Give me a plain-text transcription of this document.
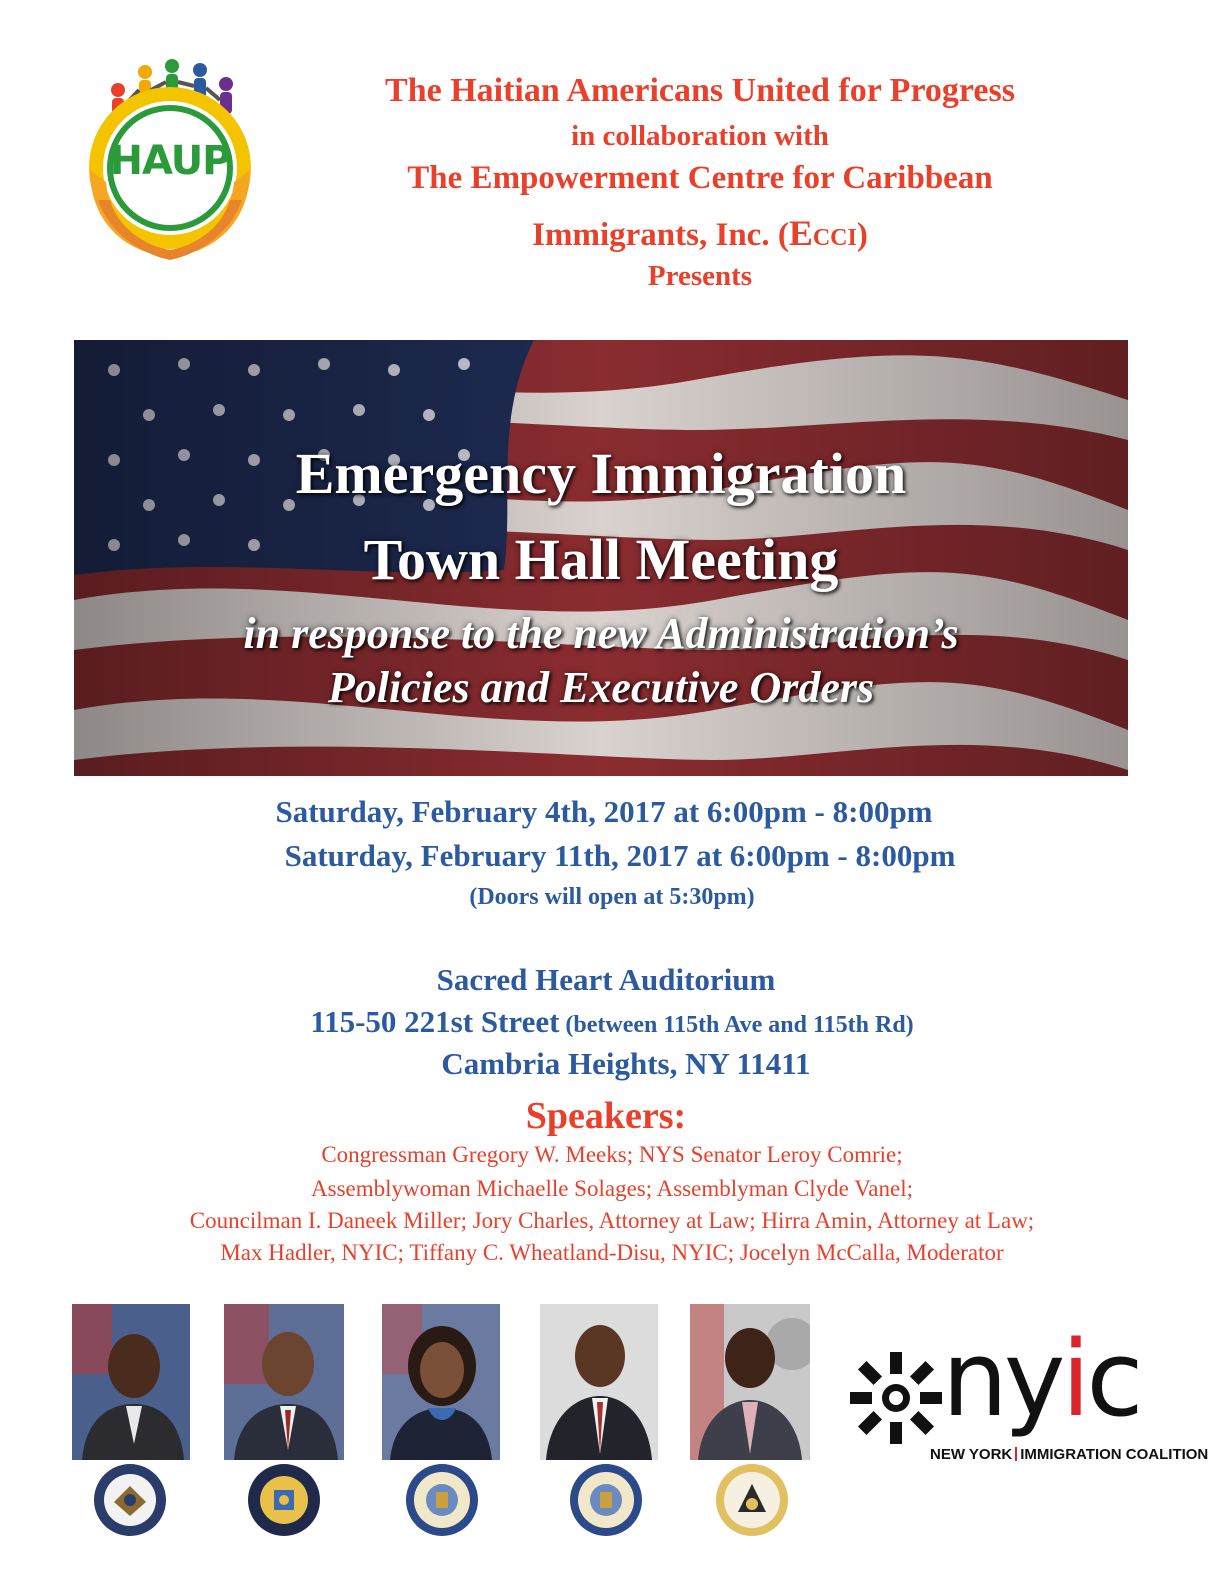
HAUP
The Haitian Americans United for Progress
in collaboration with
The Empowerment Centre for Caribbean
Immigrants, Inc. (ECCI)
Presents
Emergency Immigration
Town Hall Meeting
in response to the new Administration’s
Policies and Executive Orders
Saturday, February 4th, 2017 at 6:00pm - 8:00pm
Saturday, February 11th, 2017 at 6:00pm - 8:00pm
(Doors will open at 5:30pm)
Sacred Heart Auditorium
115-50 221st Street (between 115th Ave and 115th Rd)
Cambria Heights, NY 11411
Speakers:
Congressman Gregory W. Meeks; NYS Senator Leroy Comrie;
Assemblywoman Michaelle Solages; Assemblyman Clyde Vanel;
Councilman I. Daneek Miller; Jory Charles, Attorney at Law; Hirra Amin, Attorney at Law;
Max Hadler, NYIC; Tiffany C. Wheatland-Disu, NYIC; Jocelyn McCalla, Moderator
nyic
NEW YORK IMMIGRATION COALITION
